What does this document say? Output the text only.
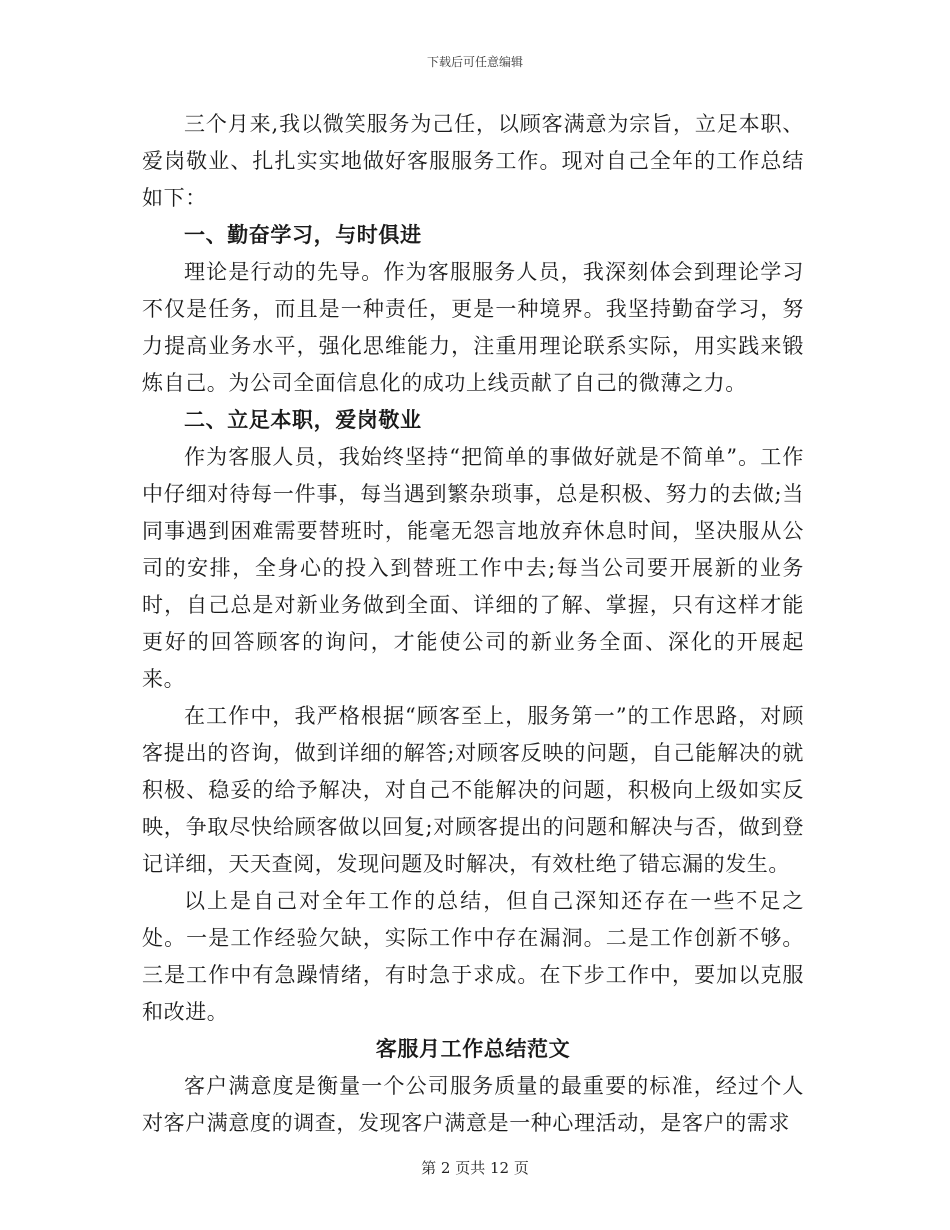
下载后可任意编辑

三个月来,我以微笑服务为己任，以顾客满意为宗旨，立足本职、爱岗敬业、扎扎实实地做好客服服务工作。现对自己全年的工作总结如下：

一、勤奋学习，与时俱进

理论是行动的先导。作为客服服务人员，我深刻体会到理论学习不仅是任务，而且是一种责任，更是一种境界。我坚持勤奋学习，努力提高业务水平，强化思维能力，注重用理论联系实际，用实践来锻炼自己。为公司全面信息化的成功上线贡献了自己的微薄之力。

二、立足本职，爱岗敬业

作为客服人员，我始终坚持“把简单的事做好就是不简单”。工作中仔细对待每一件事，每当遇到繁杂琐事，总是积极、努力的去做;当同事遇到困难需要替班时，能毫无怨言地放弃休息时间，坚决服从公司的安排，全身心的投入到替班工作中去;每当公司要开展新的业务时，自己总是对新业务做到全面、详细的了解、掌握，只有这样才能更好的回答顾客的询问，才能使公司的新业务全面、深化的开展起来。

在工作中，我严格根据“顾客至上，服务第一”的工作思路，对顾客提出的咨询，做到详细的解答;对顾客反映的问题，自己能解决的就积极、稳妥的给予解决，对自己不能解决的问题，积极向上级如实反映，争取尽快给顾客做以回复;对顾客提出的问题和解决与否，做到登记详细，天天查阅，发现问题及时解决，有效杜绝了错忘漏的发生。

以上是自己对全年工作的总结，但自己深知还存在一些不足之处。一是工作经验欠缺，实际工作中存在漏洞。二是工作创新不够。三是工作中有急躁情绪，有时急于求成。在下步工作中，要加以克服和改进。

客服月工作总结范文

客户满意度是衡量一个公司服务质量的最重要的标准，经过个人对客户满意度的调查，发现客户满意是一种心理活动，是客户的需求

第 2 页共 12 页
